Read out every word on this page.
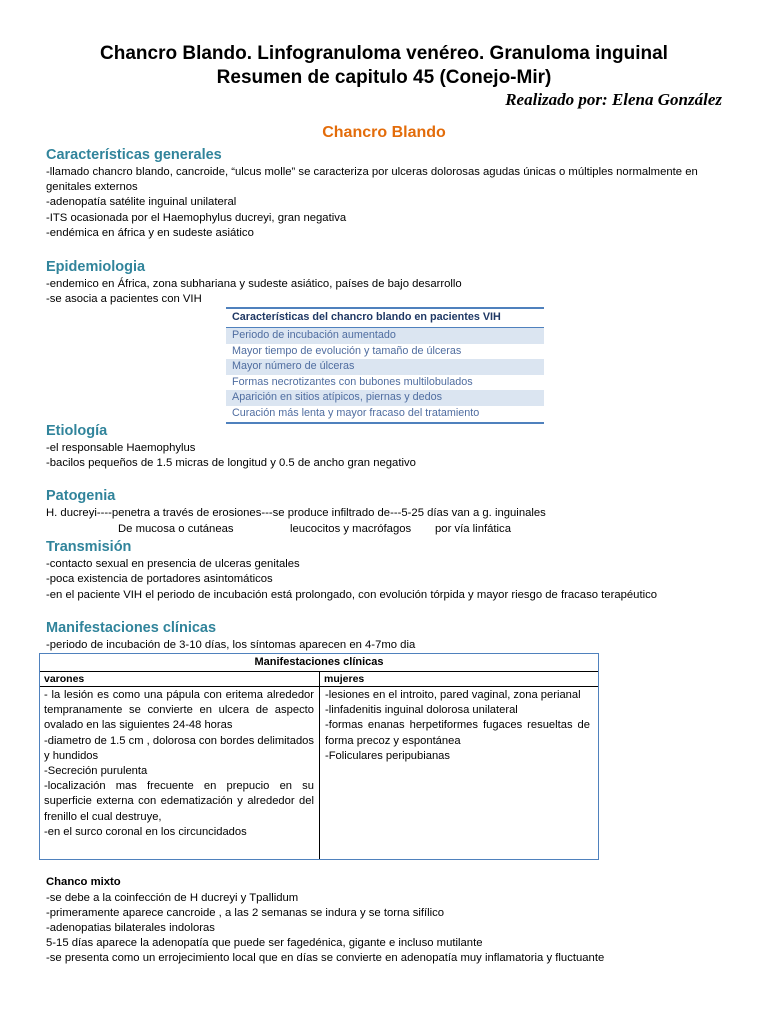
Chancro Blando. Linfogranuloma venéreo. Granuloma inguinal
Resumen de capitulo 45 (Conejo-Mir)
Realizado por: Elena González
Chancro Blando
Características generales
-llamado chancro blando, cancroide, “ulcus molle” se caracteriza por ulceras dolorosas agudas únicas o múltiples normalmente en
genitales externos
-adenopatía satélite inguinal unilateral
-ITS ocasionada por el Haemophylus ducreyi, gran negativa
-endémica en áfrica y en sudeste asiático
Epidemiologia
-endemico en África, zona subhariana y sudeste asiático, países de bajo desarrollo
-se asocia a pacientes con VIH
Características del chancro blando en pacientes VIH
Periodo de incubación aumentado
Mayor tiempo de evolución y tamaño de úlceras
Mayor número de úlceras
Formas necrotizantes con bubones multilobulados
Aparición en sitios atípicos, piernas y dedos
Curación más lenta y mayor fracaso del tratamiento
Etiología
-el responsable Haemophylus
-bacilos pequeños de 1.5 micras de longitud y 0.5 de ancho gran negativo
Patogenia
H. ducreyi----penetra a través de erosiones---se produce infiltrado de---5-25 días van a g. inguinales
De mucosa o cutáneas	leucocitos y macrófagos por vía linfática
Transmisión
-contacto sexual en presencia de ulceras genitales
-poca existencia de portadores asintomáticos
-en el paciente VIH el periodo de incubación está prolongado, con evolución tórpida y mayor riesgo de fracaso terapéutico
Manifestaciones clínicas
-periodo de incubación de 3-10 días, los síntomas aparecen en 4-7mo dia
Manifestaciones clínicas
varones	mujeres
- la lesión es como una pápula con eritema alrededor tempranamente se convierte en ulcera de aspecto ovalado en las siguientes 24-48 horas
-diametro de 1.5 cm , dolorosa con bordes delimitados y hundidos
-Secreción purulenta
-localización mas frecuente en prepucio en su superficie externa con edematización y alrededor del frenillo el cual destruye,
-en el surco coronal en los circuncidados
-lesiones en el introito, pared vaginal, zona perianal
-linfadenitis inguinal dolorosa unilateral
-formas enanas herpetiformes fugaces resueltas de forma precoz y espontánea
-Foliculares peripubianas
Chanco mixto
-se debe a la coinfección de H ducreyi y Tpallidum
-primeramente aparece cancroide , a las 2 semanas se indura y se torna sifílico
-adenopatias bilaterales indoloras
5-15 días aparece la adenopatía que puede ser fagedénica, gigante e incluso mutilante
-se presenta como un errojecimiento local que en días se convierte en adenopatía muy inflamatoria y fluctuante
